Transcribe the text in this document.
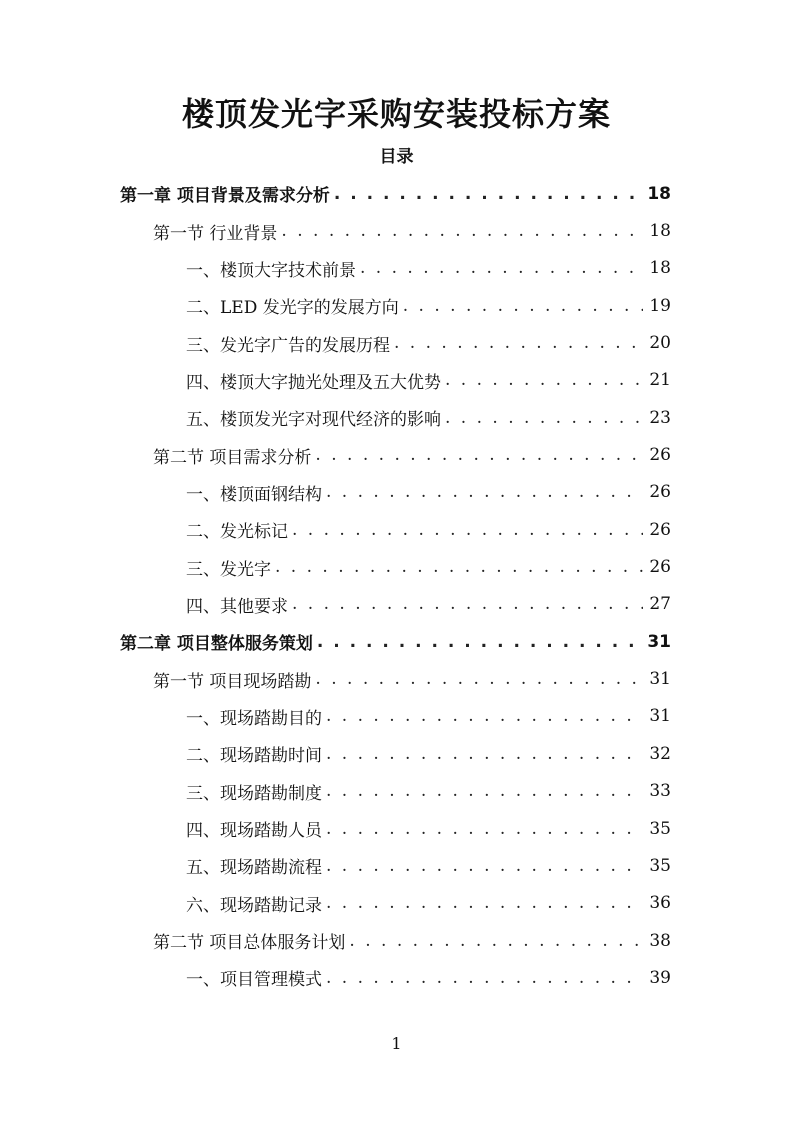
楼顶发光字采购安装投标方案
目录
第一章 项目背景及需求分析 . . .	18
第一节 行业背景 . . .	18
一、楼顶大字技术前景 . . .	18
二、LED 发光字的发展方向 . . .	19
三、发光字广告的发展历程 . . .	20
四、楼顶大字抛光处理及五大优势 . . .	21
五、楼顶发光字对现代经济的影响 . . .	23
第二节 项目需求分析 . . .	26
一、楼顶面钢结构 . . .	26
二、发光标记 . . .	26
三、发光字 . . .	26
四、其他要求 . . .	27
第二章 项目整体服务策划 . . .	31
第一节 项目现场踏勘 . . .	31
一、现场踏勘目的 . . .	31
二、现场踏勘时间 . . .	32
三、现场踏勘制度 . . .	33
四、现场踏勘人员 . . .	35
五、现场踏勘流程 . . .	35
六、现场踏勘记录 . . .	36
第二节 项目总体服务计划 . . .	38
一、项目管理模式 . . .	39
1
